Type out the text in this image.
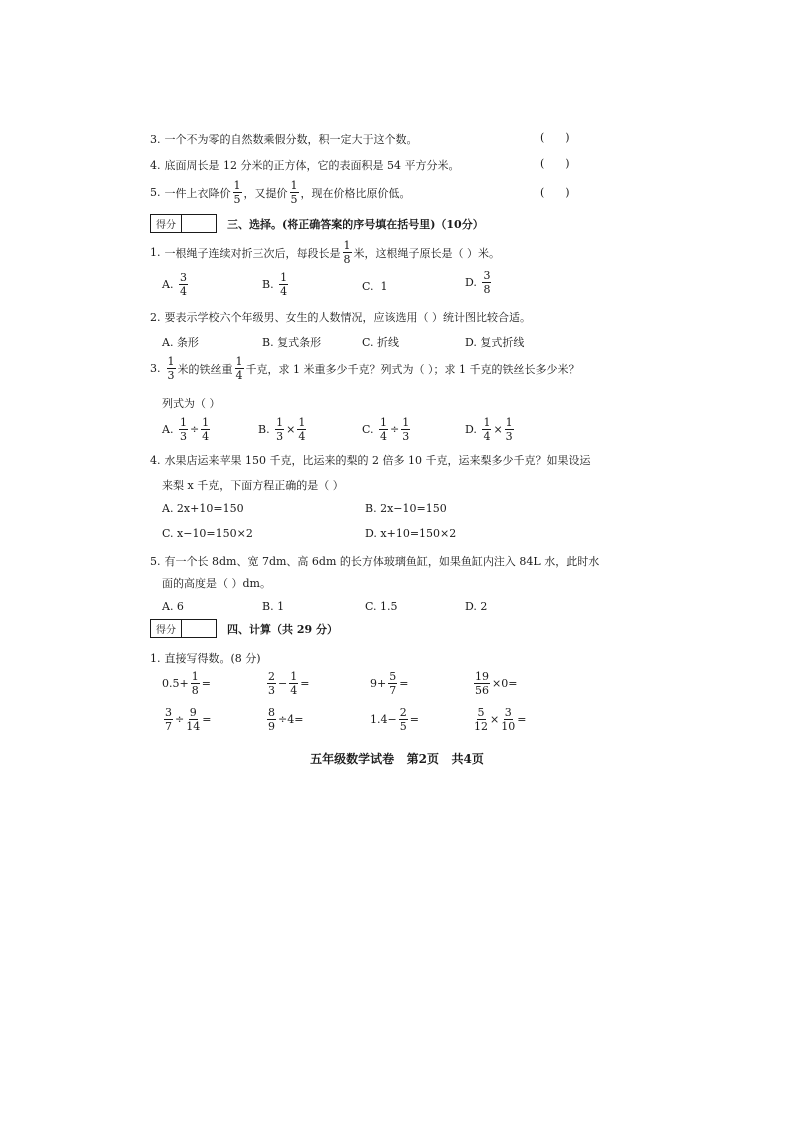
3. 一个不为零的自然数乘假分数，积一定大于这个数。	(      )
4. 底面周长是 12 分米的正方体，它的表面积是 54 平方分米。	(      )
5. 一件上衣降价 $\frac{1}{5}$ ，又提价 $\frac{1}{5}$ ，现在价格比原价低。	(      )
得分	三、选择。(将正确答案的序号填在括号里)（10分）
1. 一根绳子连续对折三次后，每段长是 $\frac{1}{8}$ 米，这根绳子原长是（ ）米。
A.
$\frac{3}{4}$	B.
$\frac{1}{4}$	C.
1	D.
$\frac{3}{8}$
2. 要表示学校六个年级男、女生的人数情况，应该选用（ ）统计图比较合适。
A. 条形	B. 复式条形	C. 折线	D. 复式折线
3. $\frac{1}{3}$ 米的铁丝重 $\frac{1}{4}$ 千克，求 1 米重多少千克？列式为（ ）；求 1 千克的铁丝长多少米？
列式为（ ）
A.
$\frac{1}{3} \div \frac{1}{4}$	B.
$\frac{1}{3} \times \frac{1}{4}$	C.
$\frac{1}{4} \div \frac{1}{3}$	D.
$\frac{1}{4} \times \frac{1}{3}$
4. 水果店运来苹果 150 千克，比运来的梨的 2 倍多 10 千克，运来梨多少千克？如果设运
来梨 x 千克，下面方程正确的是（ ）
A. 2x+10=150	B. 2x−10=150
C. x−10=150×2	D. x+10=150×2
5. 有一个长 8dm、宽 7dm、高 6dm 的长方体玻璃鱼缸，如果鱼缸内注入 84L 水，此时水
面的高度是（ ）dm。
A. 6	B. 1	C. 1.5	D. 2
得分	四、计算（共 29 分）
1. 直接写得数。(8 分)
$0.5+ \frac{1}{8}$ =	$\frac{2}{3} - \frac{1}{4}$ =	$9+ \frac{5}{7}$ =	$\frac{19}{56} \times 0=$
$\frac{3}{7} \div \frac{9}{14}$ =	$\frac{8}{9} \div 4=$	$1.4- \frac{2}{5}$ =	$\frac{5}{12} \times \frac{3}{10}$ =
五年级数学试卷   第2页   共4页
